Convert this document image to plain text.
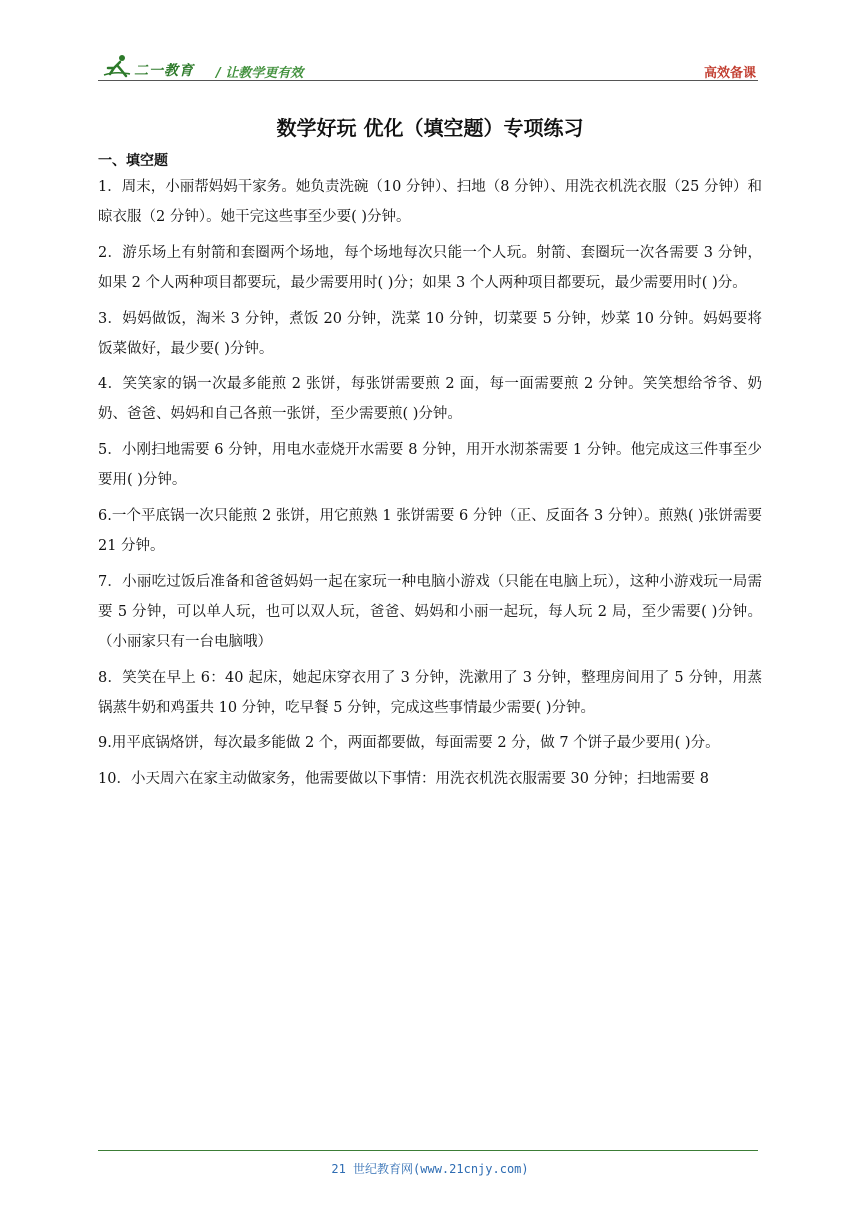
二一教育 / 让教学更有效	高效备课
数学好玩 优化（填空题）专项练习
一、填空题

1．周末，小丽帮妈妈干家务。她负责洗碗（10 分钟）、扫地（8 分钟）、用洗衣机洗衣服（25 分钟）和晾衣服（2 分钟）。她干完这些事至少要( )分钟。

2．游乐场上有射箭和套圈两个场地，每个场地每次只能一个人玩。射箭、套圈玩一次各需要 3 分钟，如果 2 个人两种项目都要玩，最少需要用时( )分；如果 3 个人两种项目都要玩，最少需要用时( )分。

3．妈妈做饭，淘米 3 分钟，煮饭 20 分钟，洗菜 10 分钟，切菜要 5 分钟，炒菜 10 分钟。妈妈要将饭菜做好，最少要( )分钟。

4．笑笑家的锅一次最多能煎 2 张饼，每张饼需要煎 2 面，每一面需要煎 2 分钟。笑笑想给爷爷、奶奶、爸爸、妈妈和自己各煎一张饼，至少需要煎( )分钟。

5．小刚扫地需要 6 分钟，用电水壶烧开水需要 8 分钟，用开水沏茶需要 1 分钟。他完成这三件事至少要用( )分钟。

6.一个平底锅一次只能煎 2 张饼，用它煎熟 1 张饼需要 6 分钟（正、反面各 3 分钟）。煎熟( )张饼需要 21 分钟。

7．小丽吃过饭后准备和爸爸妈妈一起在家玩一种电脑小游戏（只能在电脑上玩），这种小游戏玩一局需要 5 分钟，可以单人玩，也可以双人玩，爸爸、妈妈和小丽一起玩，每人玩 2 局，至少需要( )分钟。（小丽家只有一台电脑哦）

8．笑笑在早上 6：40 起床，她起床穿衣用了 3 分钟，洗漱用了 3 分钟，整理房间用了 5 分钟，用蒸锅蒸牛奶和鸡蛋共 10 分钟，吃早餐 5 分钟，完成这些事情最少需要( )分钟。

9.用平底锅烙饼，每次最多能做 2 个，两面都要做，每面需要 2 分，做 7 个饼子最少要用( )分。

10．小天周六在家主动做家务，他需要做以下事情：用洗衣机洗衣服需要 30 分钟；扫地需要 8

21 世纪教育网(www.21cnjy.com)
